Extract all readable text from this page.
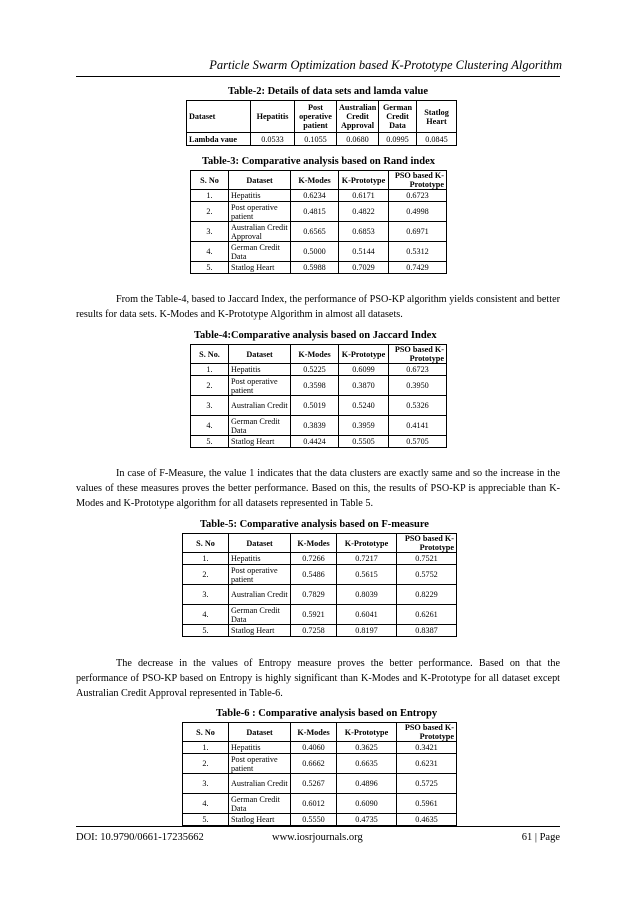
Particle Swarm Optimization based K-Prototype Clustering Algorithm
Table-2: Details of data sets and lamda value
Dataset	Hepatitis	Post operative patient	Australian Credit Approval	German Credit Data	Statlog Heart
Lambda vaue	0.0533	0.1055	0.0680	0.0995	0.0845
Table-3: Comparative analysis based on Rand index
S. No	Dataset	K-Modes	K-Prototype	PSO based K-Prototype
1.	Hepatitis	0.6234	0.6171	0.6723
2.	Post operative patient	0.4815	0.4822	0.4998
3.	Australian Credit Approval	0.6565	0.6853	0.6971
4.	German Credit Data	0.5000	0.5144	0.5312
5.	Statlog Heart	0.5988	0.7029	0.7429
From the Table-4, based to Jaccard Index, the performance of PSO-KP algorithm yields consistent and better results for data sets. K-Modes and K-Prototype Algorithm in almost all datasets.
Table-4:Comparative analysis based on Jaccard Index
S. No.	Dataset	K-Modes	K-Prototype	PSO based K-Prototype
1.	Hepatitis	0.5225	0.6099	0.6723
2.	Post operative patient	0.3598	0.3870	0.3950
3.	Australian Credit	0.5019	0.5240	0.5326
4.	German Credit Data	0.3839	0.3959	0.4141
5.	Statlog Heart	0.4424	0.5505	0.5705
In case of F-Measure, the value 1 indicates that the data clusters are exactly same and so the increase in the values of these measures proves the better performance. Based on this, the results of PSO-KP is appreciable than K-Modes and K-Prototype algorithm for all datasets represented in Table 5.
Table-5: Comparative analysis based on F-measure
S. No	Dataset	K-Modes	K-Prototype	PSO based K-Prototype
1.	Hepatitis	0.7266	0.7217	0.7521
2.	Post operative patient	0.5486	0.5615	0.5752
3.	Australian Credit	0.7829	0.8039	0.8229
4.	German Credit Data	0.5921	0.6041	0.6261
5.	Statlog Heart	0.7258	0.8197	0.8387
The decrease in the values of Entropy measure proves the better performance. Based on that the performance of PSO-KP based on Entropy is highly significant than K-Modes and K-Prototype for all dataset except Australian Credit Approval represented in Table-6.
Table-6 : Comparative analysis based on Entropy
S. No	Dataset	K-Modes	K-Prototype	PSO based K-Prototype
1.	Hepatitis	0.4060	0.3625	0.3421
2.	Post operative patient	0.6662	0.6635	0.6231
3.	Australian Credit	0.5267	0.4896	0.5725
4.	German Credit Data	0.6012	0.6090	0.5961
5.	Statlog Heart	0.5550	0.4735	0.4635
DOI: 10.9790/0661-17235662	www.iosrjournals.org	61 | Page
